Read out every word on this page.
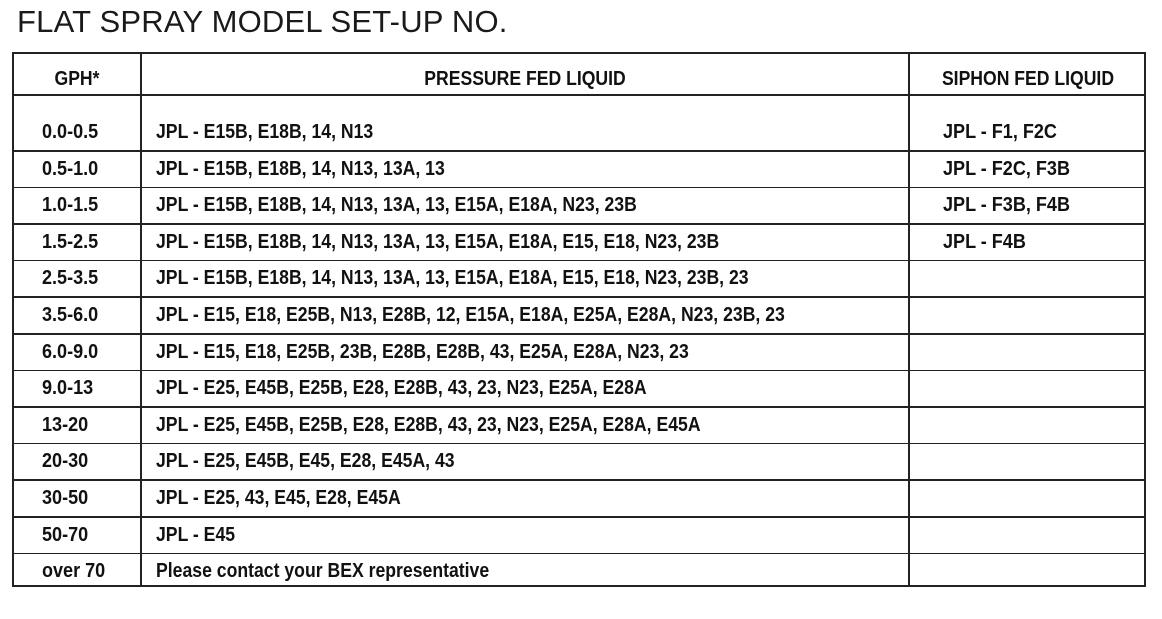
FLAT SPRAY MODEL SET-UP NO.
GPH*	PRESSURE FED LIQUID	SIPHON FED LIQUID
0.0-0.5	JPL - E15B, E18B, 14, N13	JPL - F1, F2C
0.5-1.0	JPL - E15B, E18B, 14, N13, 13A, 13	JPL - F2C, F3B
1.0-1.5	JPL - E15B, E18B, 14, N13, 13A, 13, E15A, E18A, N23, 23B	JPL - F3B, F4B
1.5-2.5	JPL - E15B, E18B, 14, N13, 13A, 13, E15A, E18A, E15, E18, N23, 23B	JPL - F4B
2.5-3.5	JPL - E15B, E18B, 14, N13, 13A, 13, E15A, E18A, E15, E18, N23, 23B, 23
3.5-6.0	JPL - E15, E18, E25B, N13, E28B, 12, E15A, E18A, E25A, E28A, N23, 23B, 23
6.0-9.0	JPL - E15, E18, E25B, 23B, E28B, E28B, 43, E25A, E28A, N23, 23
9.0-13	JPL - E25, E45B, E25B, E28, E28B, 43, 23, N23, E25A, E28A
13-20	JPL - E25, E45B, E25B, E28, E28B, 43, 23, N23, E25A, E28A, E45A
20-30	JPL - E25, E45B, E45, E28, E45A, 43
30-50	JPL - E25, 43, E45, E28, E45A
50-70	JPL - E45
over 70	Please contact your BEX representative
